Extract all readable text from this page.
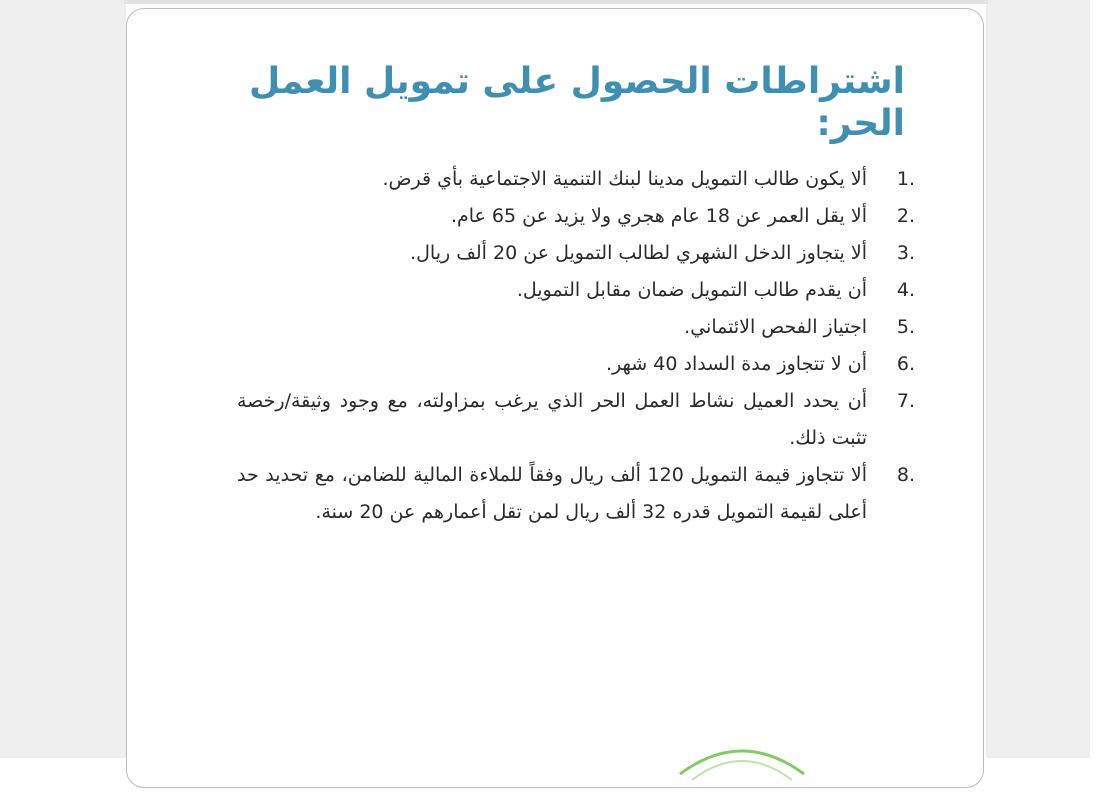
اشتراطات الحصول على تمويل العمل الحر:
1.
ألا يكون طالب التمويل مدينا لبنك التنمية الاجتماعية بأي قرض.
2.
ألا يقل العمر عن 18 عام هجري ولا يزيد عن 65 عام.
3.
ألا يتجاوز الدخل الشهري لطالب التمويل عن 20 ألف ريال.
4.
أن يقدم طالب التمويل ضمان مقابل التمويل.
5.
اجتياز الفحص الائتماني.
6.
أن لا تتجاوز مدة السداد 40 شهر.
7.
أن يحدد العميل نشاط العمل الحر الذي يرغب بمزاولته، مع وجود وثيقة/رخصة تثبت ذلك.
8.
ألا تتجاوز قيمة التمويل 120 ألف ريال وفقاً للملاءة المالية للضامن، مع تحديد حد أعلى لقيمة التمويل قدره 32 ألف ريال لمن تقل أعمارهم عن 20 سنة.
